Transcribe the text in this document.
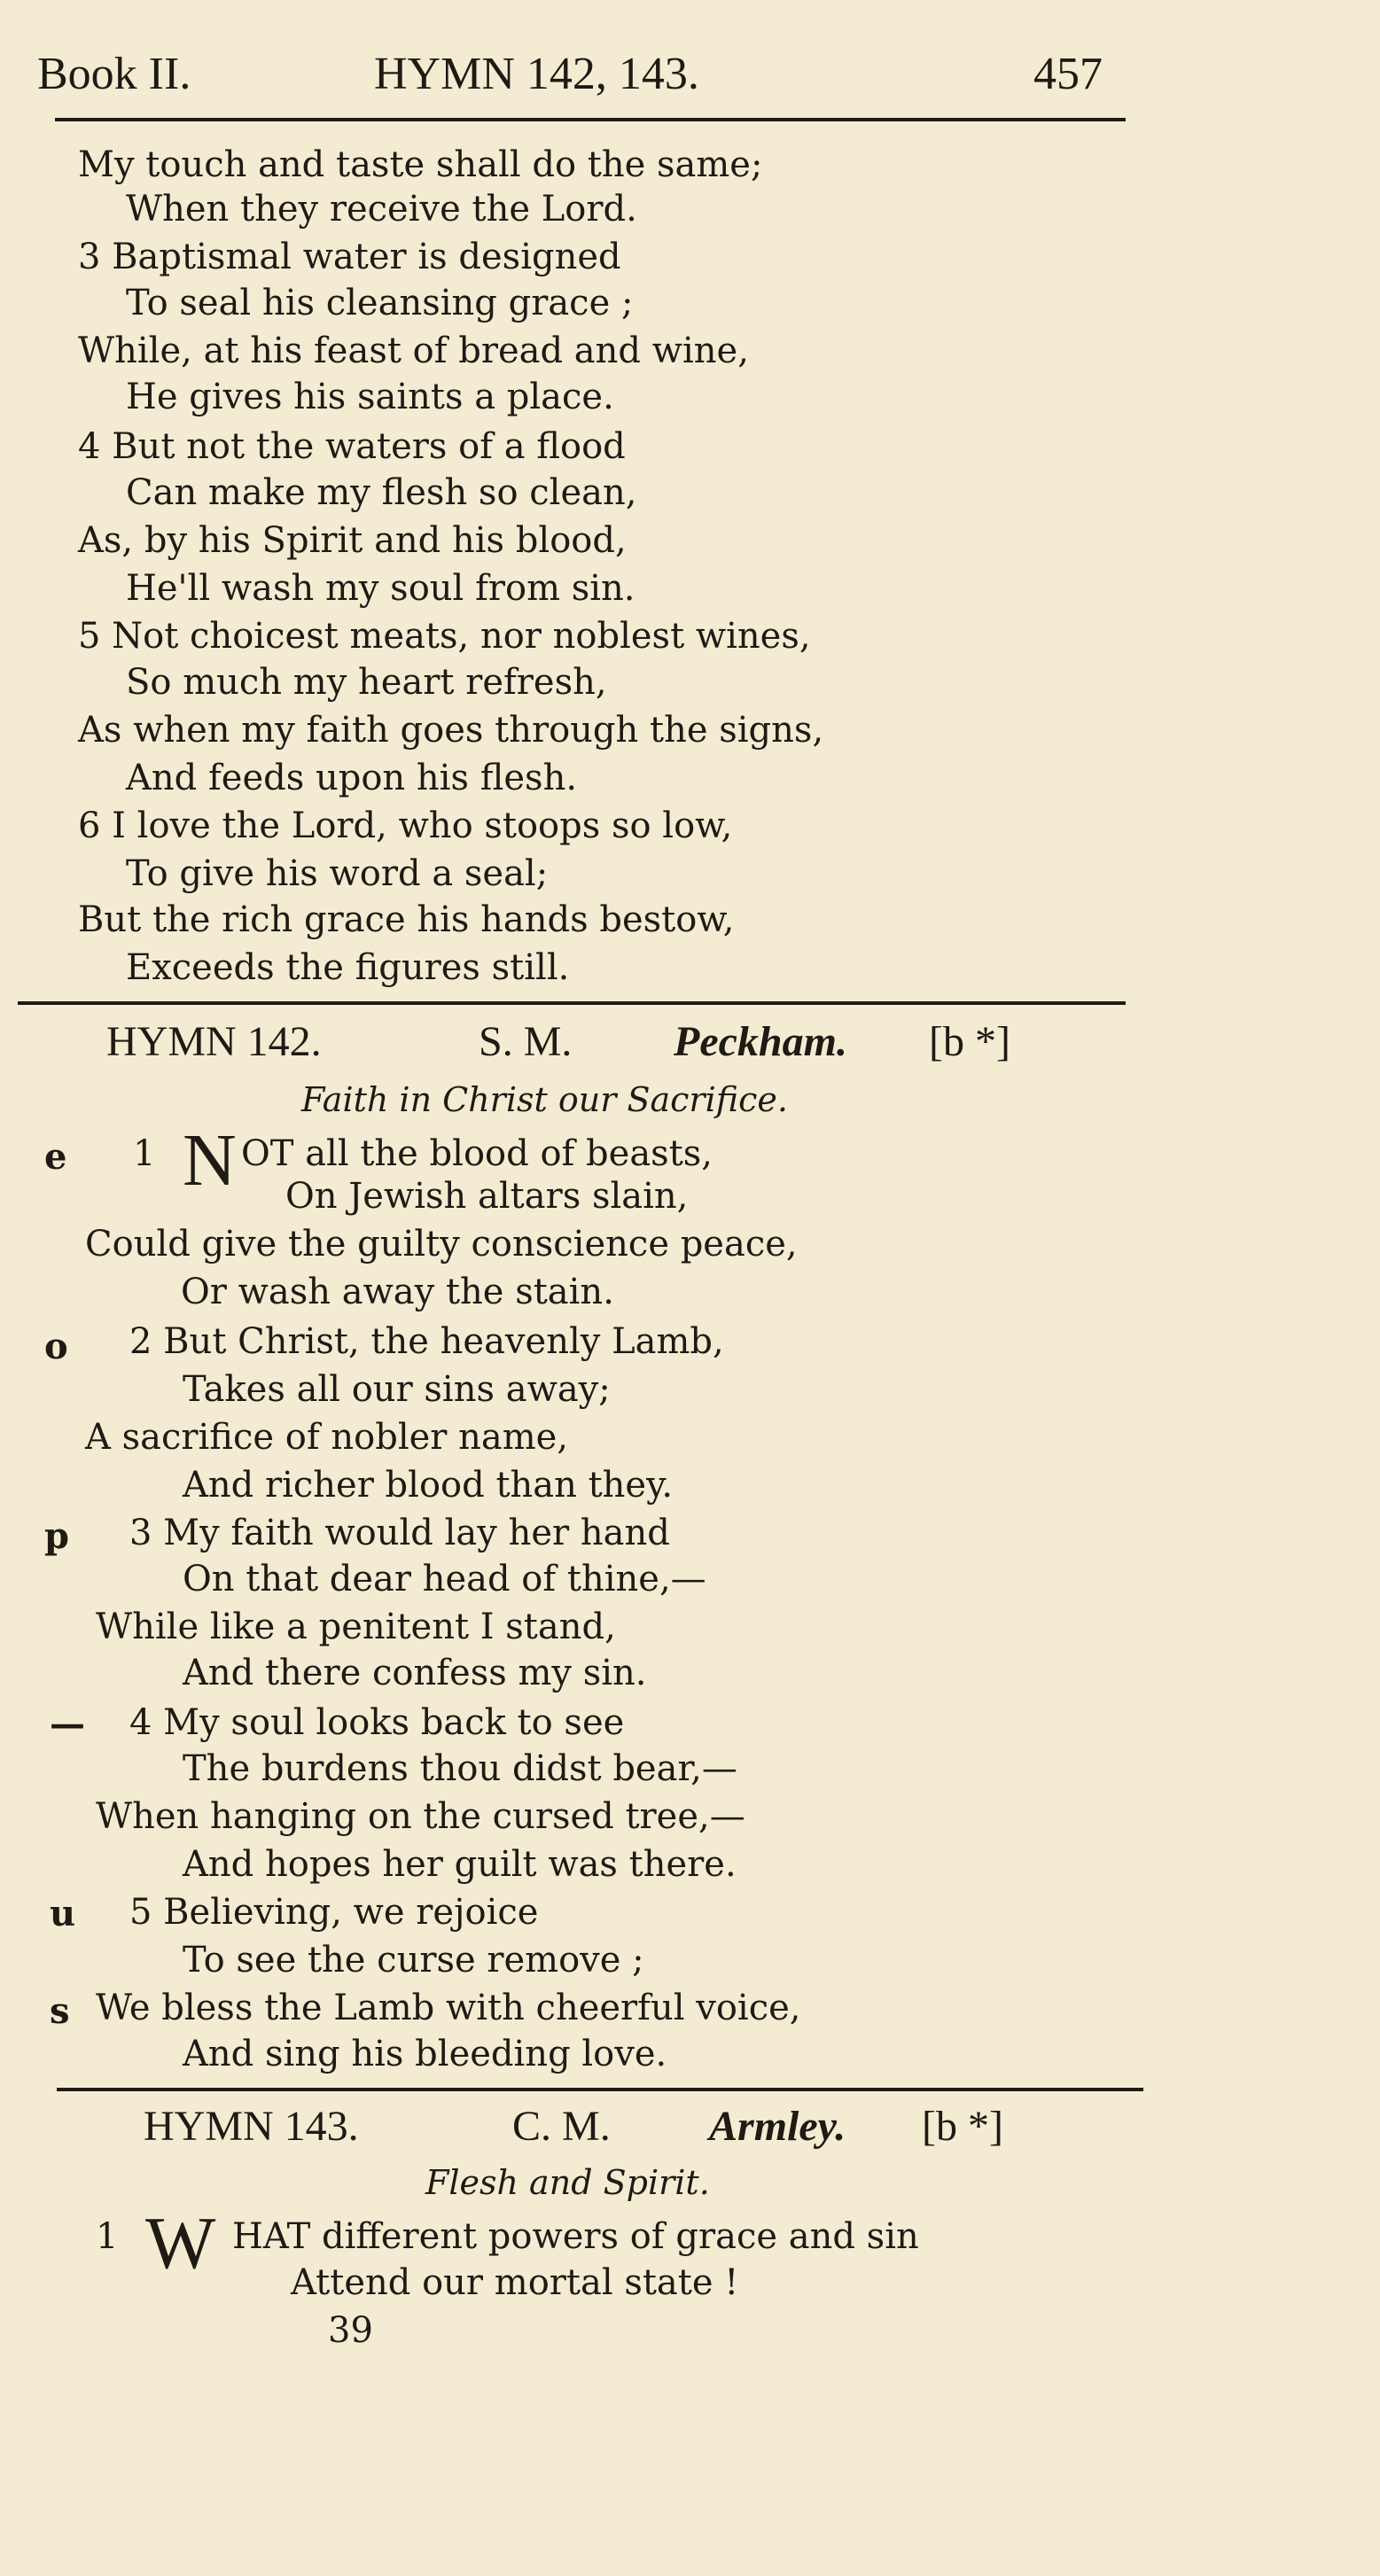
Book II.	HYMN 142, 143.	457
My touch and taste shall do the same;
When they receive the Lord.
3 Baptismal water is designed
To seal his cleansing grace ;
While, at his feast of bread and wine,
He gives his saints a place.
4 But not the waters of a flood
Can make my flesh so clean,
As, by his Spirit and his blood,
He'll wash my soul from sin.
5 Not choicest meats, nor noblest wines,
So much my heart refresh,
As when my faith goes through the signs,
And feeds upon his flesh.
6 I love the Lord, who stoops so low,
To give his word a seal;
But the rich grace his hands bestow,
Exceeds the figures still.
HYMN 142.	S. M. Peckham. [b *]
Faith in Christ our Sacrifice.
e
o
p
—
u
s
1 N OT all the blood of beasts,
On Jewish altars slain,
Could give the guilty conscience peace,
Or wash away the stain.
2 But Christ, the heavenly Lamb,
Takes all our sins away;
A sacrifice of nobler name,
And richer blood than they.
3 My faith would lay her hand
On that dear head of thine,—
While like a penitent I stand,
And there confess my sin.
4 My soul looks back to see
The burdens thou didst bear,—
When hanging on the cursed tree,—
And hopes her guilt was there.
5 Believing, we rejoice
To see the curse remove ;
We bless the Lamb with cheerful voice,
And sing his bleeding love.
HYMN 143.	C. M. Armley. [b *]
Flesh and Spirit.
1 W HAT different powers of grace and sin
Attend our mortal state !
39
